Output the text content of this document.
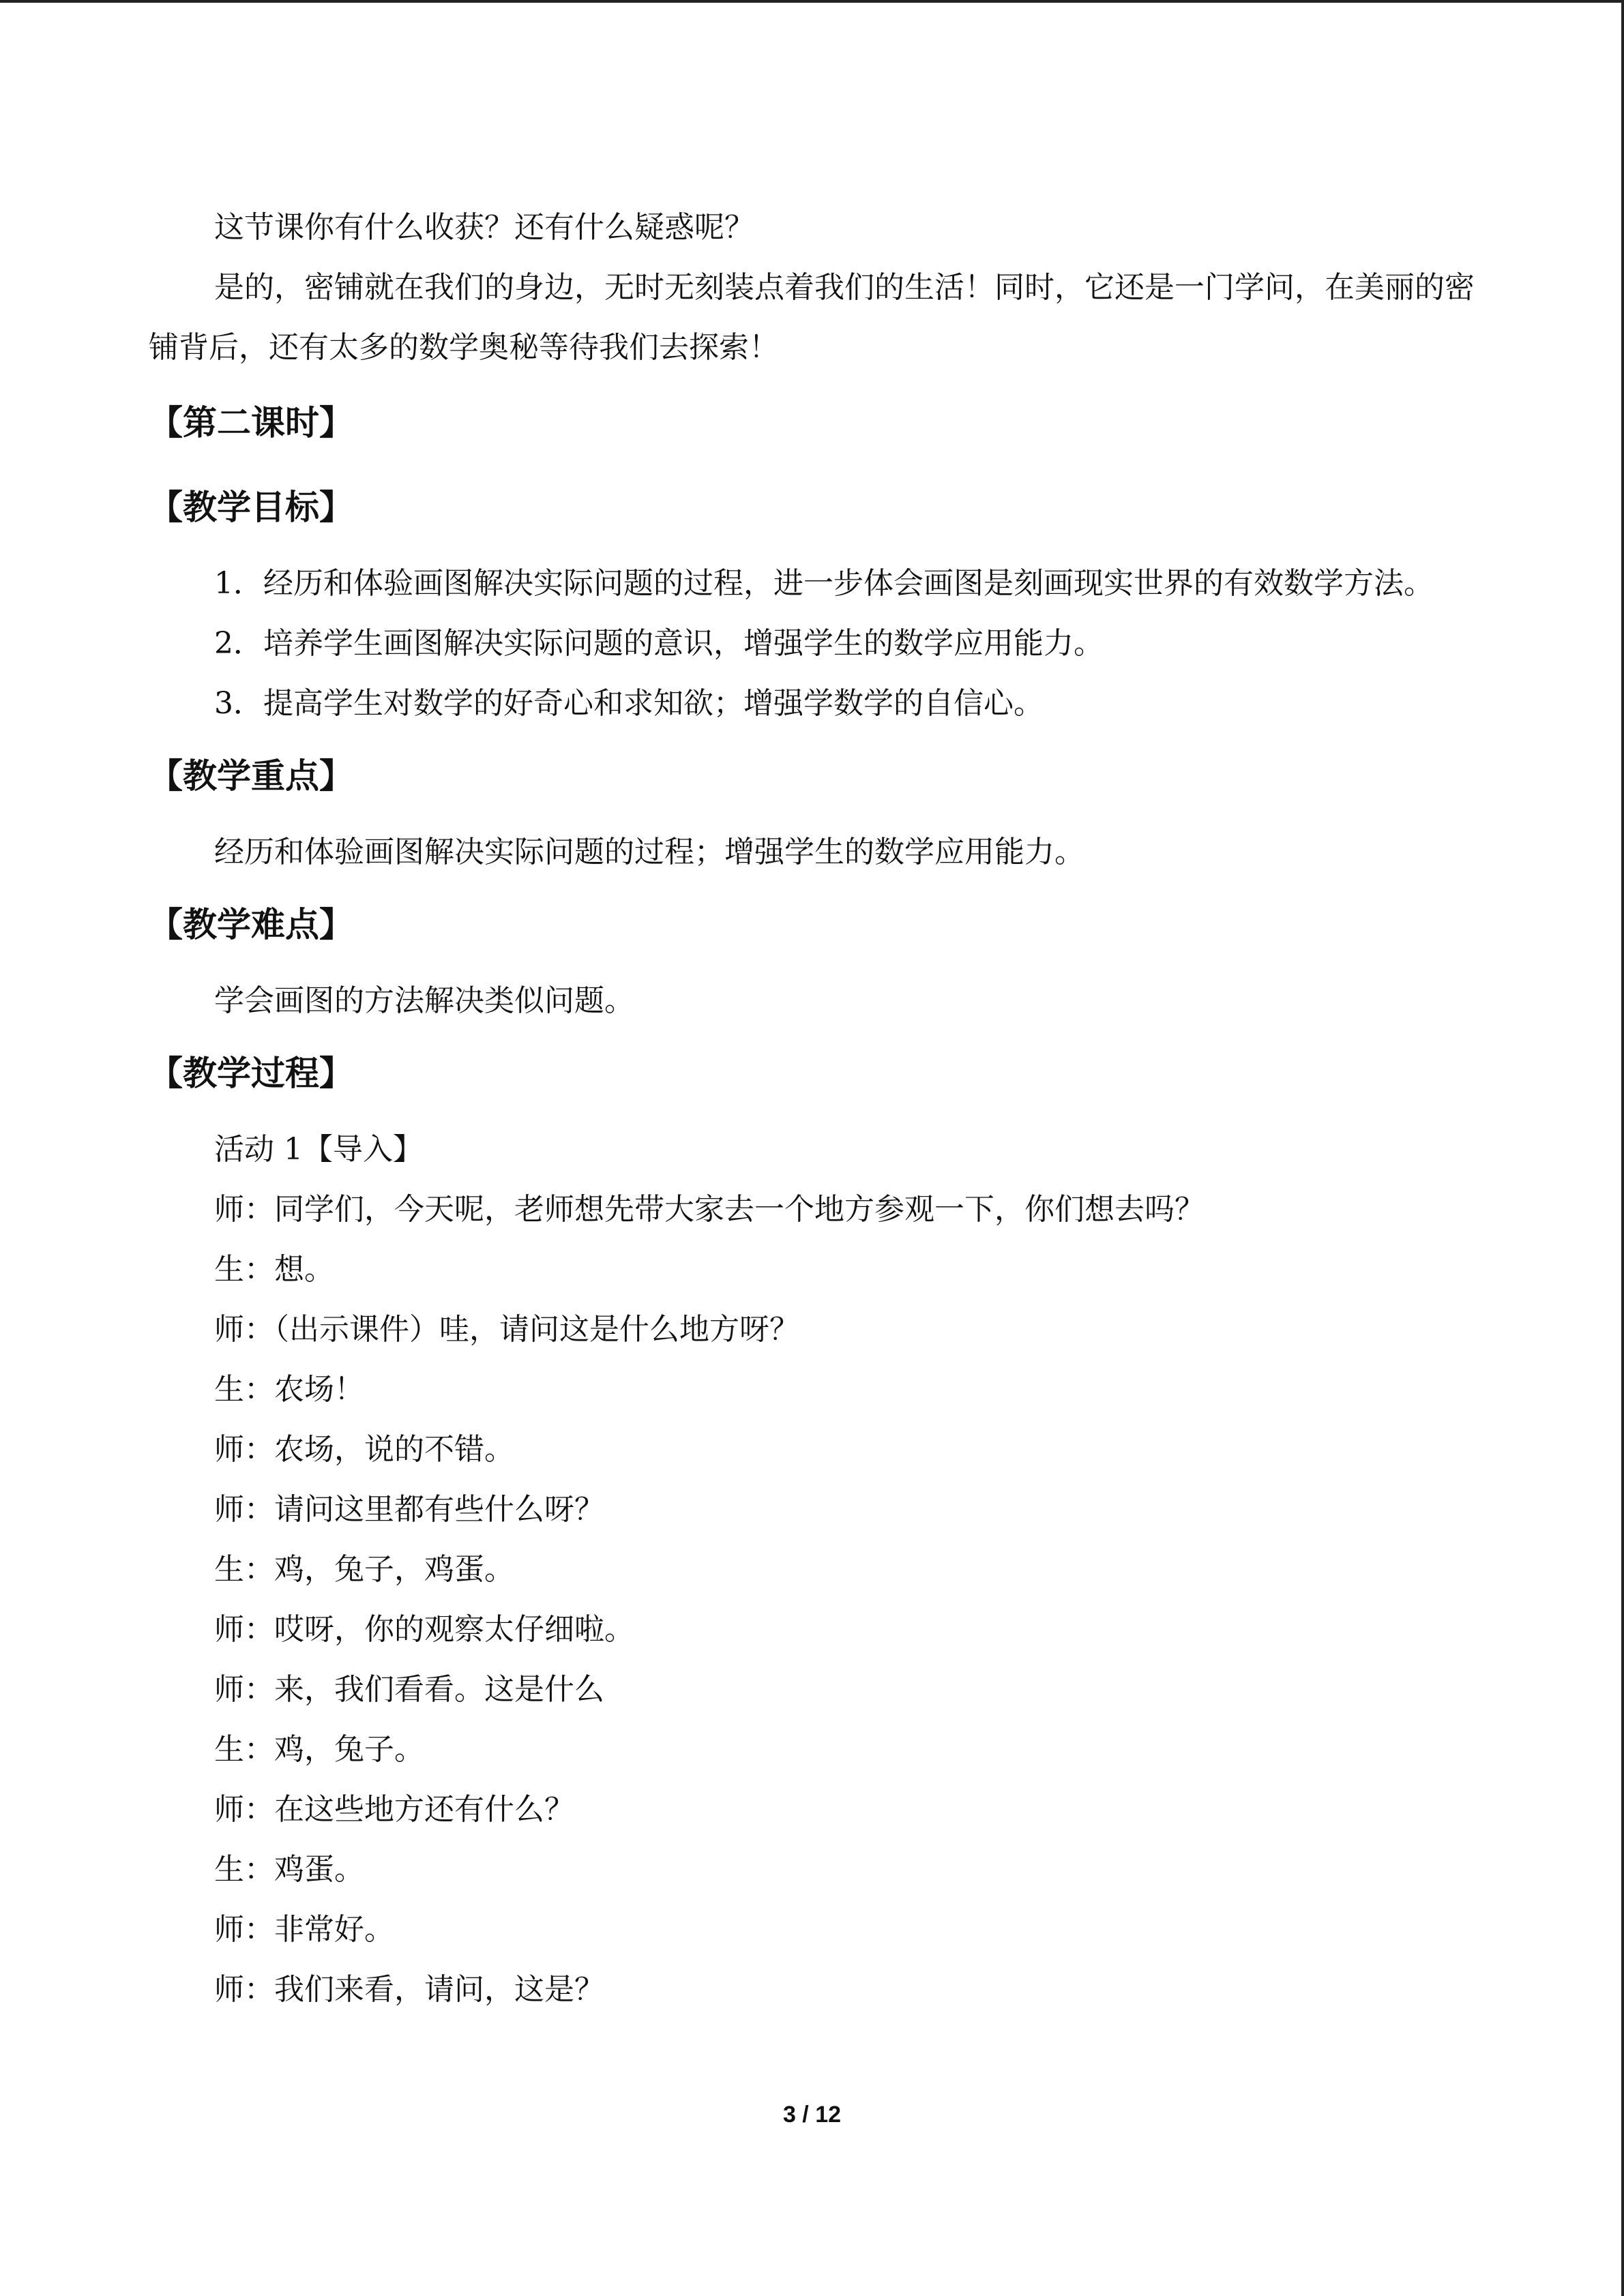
这节课你有什么收获？还有什么疑惑呢？

是的，密铺就在我们的身边，无时无刻装点着我们的生活！同时，它还是一门学问，在美丽的密铺背后，还有太多的数学奥秘等待我们去探索！

【第二课时】

【教学目标】

1．经历和体验画图解决实际问题的过程，进一步体会画图是刻画现实世界的有效数学方法。

2．培养学生画图解决实际问题的意识，增强学生的数学应用能力。

3．提高学生对数学的好奇心和求知欲；增强学数学的自信心。

【教学重点】

经历和体验画图解决实际问题的过程；增强学生的数学应用能力。

【教学难点】

学会画图的方法解决类似问题。

【教学过程】

活动 1【导入】

师：同学们，今天呢，老师想先带大家去一个地方参观一下，你们想去吗？

生：想。

师：（出示课件）哇，请问这是什么地方呀？

生：农场！

师：农场，说的不错。

师：请问这里都有些什么呀？

生：鸡，兔子，鸡蛋。

师：哎呀，你的观察太仔细啦。

师：来，我们看看。这是什么

生：鸡，兔子。

师：在这些地方还有什么？

生：鸡蛋。

师：非常好。

师：我们来看，请问，这是？

3 / 12
